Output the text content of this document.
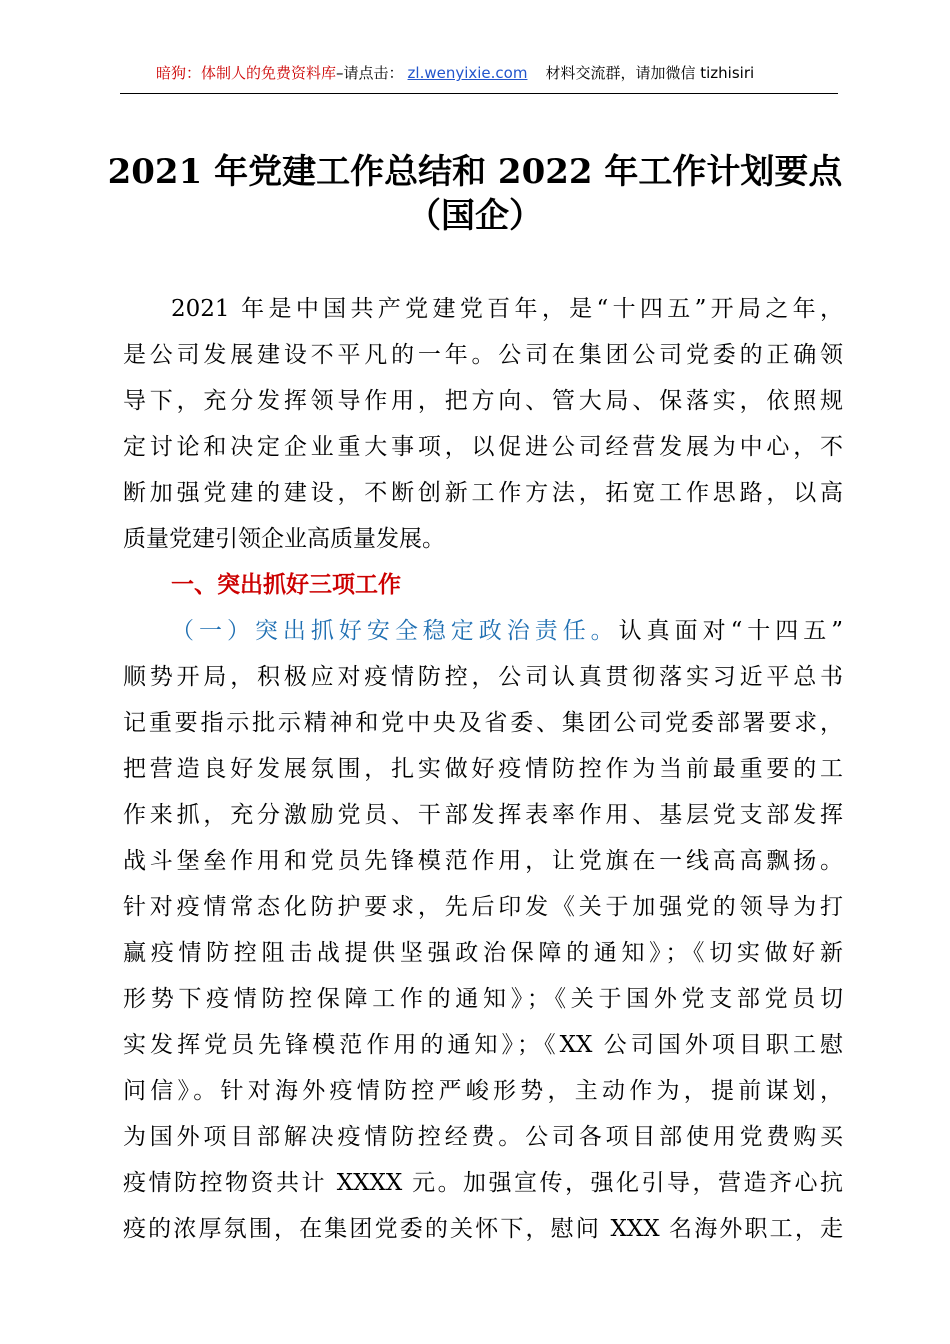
暗狗：体制人的免费资料库–请点击： zl.wenyixie.com 材料交流群，请加微信 tizhisiri
2021 年党建工作总结和 2022 年工作计划要点
（国企）
2021 年是中国共产党建党百年，是“十四五”开局之年，
是公司发展建设不平凡的一年。公司在集团公司党委的正确领
导下，充分发挥领导作用，把方向、管大局、保落实，依照规
定讨论和决定企业重大事项，以促进公司经营发展为中心，不
断加强党建的建设，不断创新工作方法，拓宽工作思路，以高
质量党建引领企业高质量发展。
一、突出抓好三项工作
（一）突出抓好安全稳定政治责任。认真面对“十四五”
顺势开局，积极应对疫情防控，公司认真贯彻落实习近平总书
记重要指示批示精神和党中央及省委、集团公司党委部署要求，
把营造良好发展氛围，扎实做好疫情防控作为当前最重要的工
作来抓，充分激励党员、干部发挥表率作用、基层党支部发挥
战斗堡垒作用和党员先锋模范作用，让党旗在一线高高飘扬。
针对疫情常态化防护要求，先后印发《关于加强党的领导为打
赢疫情防控阻击战提供坚强政治保障的通知》；《切实做好新
形势下疫情防控保障工作的通知》；《关于国外党支部党员切
实发挥党员先锋模范作用的通知》；《XX 公司国外项目职工慰
问信》。针对海外疫情防控严峻形势，主动作为，提前谋划，
为国外项目部解决疫情防控经费。公司各项目部使用党费购买
疫情防控物资共计 XXXX 元。加强宣传，强化引导，营造齐心抗
疫的浓厚氛围，在集团党委的关怀下，慰问 XXX 名海外职工，走
